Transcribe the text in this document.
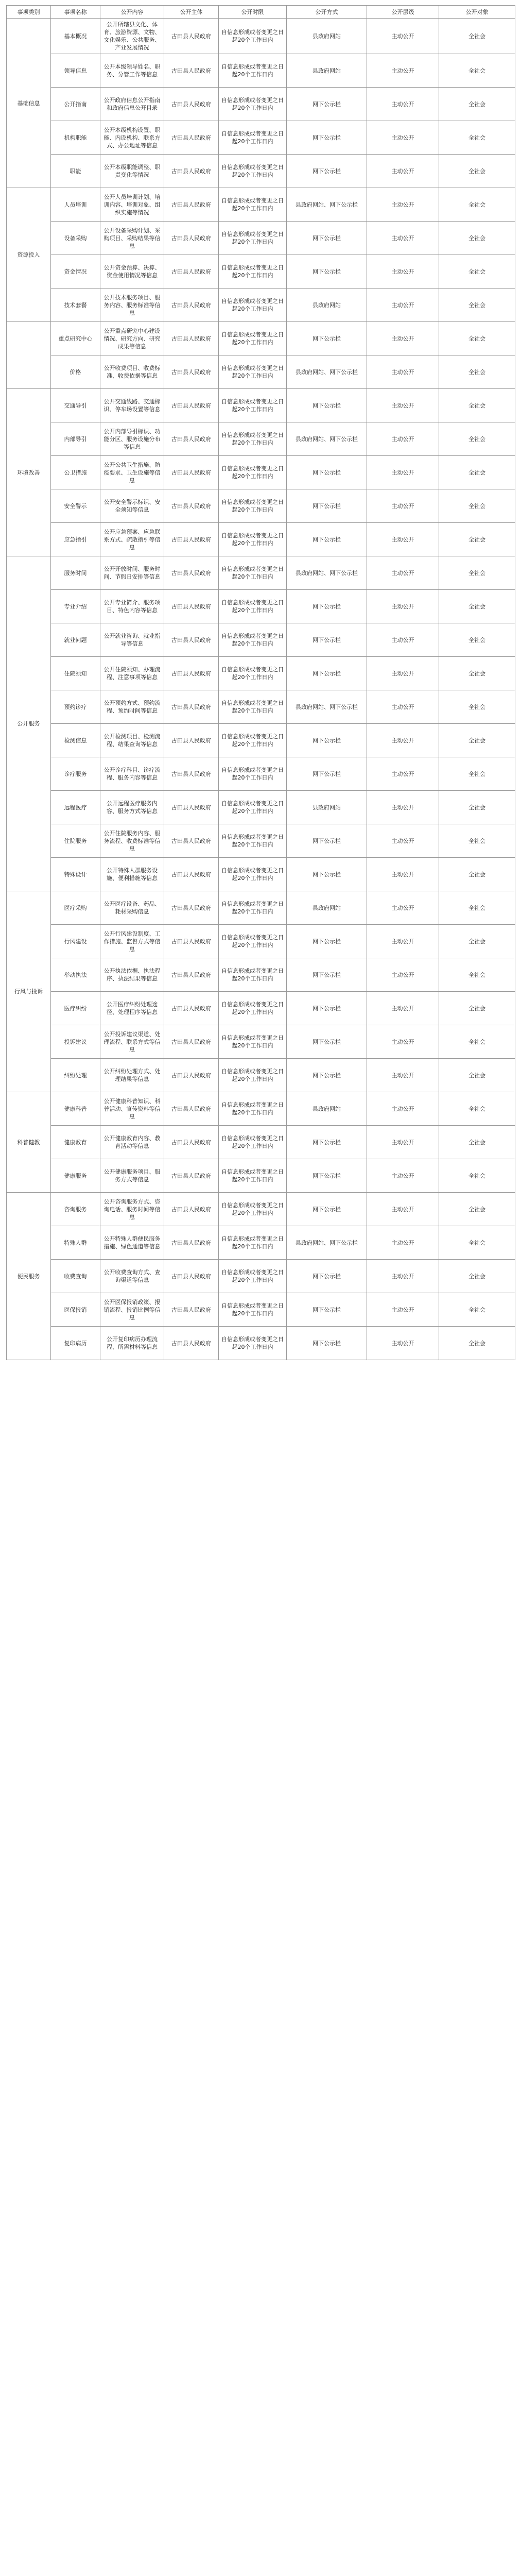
事项类别	事项名称	公开内容	公开主体	公开时限	公开方式	公开层级	公开对象
基础信息	基本概况	公开所辖县文化、体育、旅游资源、文物、文化娱乐、公共服务、产业发展情况	古田县人民政府	自信息形成或者变更之日起20个工作日内	县政府网站	主动公开	全社会
	领导信息	公开本级领导姓名、职务、分管工作等信息	古田县人民政府	自信息形成或者变更之日起20个工作日内	县政府网站	主动公开	全社会
	公开指南	公开政府信息公开指南和政府信息公开目录	古田县人民政府	自信息形成或者变更之日起20个工作日内	网下公示栏	主动公开	全社会
	机构职能	公开本级机构设置、职能、内设机构、联系方式、办公地址等信息	古田县人民政府	自信息形成或者变更之日起20个工作日内	网下公示栏	主动公开	全社会
	职能	公开本级职能调整、职责变化等情况	古田县人民政府	自信息形成或者变更之日起20个工作日内	网下公示栏	主动公开	全社会
资源投入	人员培训	公开人员培训计划、培训内容、培训对象、组织实施等情况	古田县人民政府	自信息形成或者变更之日起20个工作日内	县政府网站、网下公示栏	主动公开	全社会
	设备采购	公开设备采购计划、采购项目、采购结果等信息	古田县人民政府	自信息形成或者变更之日起20个工作日内	网下公示栏	主动公开	全社会
	资金情况	公开资金预算、决算、资金使用情况等信息	古田县人民政府	自信息形成或者变更之日起20个工作日内	网下公示栏	主动公开	全社会
	技术套餐	公开技术服务项目、服务内容、服务标准等信息	古田县人民政府	自信息形成或者变更之日起20个工作日内	县政府网站	主动公开	全社会
	重点研究中心	公开重点研究中心建设情况、研究方向、研究成果等信息	古田县人民政府	自信息形成或者变更之日起20个工作日内	网下公示栏	主动公开	全社会
	价格	公开收费项目、收费标准、收费依据等信息	古田县人民政府	自信息形成或者变更之日起20个工作日内	县政府网站、网下公示栏	主动公开	全社会
环境改善	交通导引	公开交通线路、交通标识、停车场设置等信息	古田县人民政府	自信息形成或者变更之日起20个工作日内	网下公示栏	主动公开	全社会
	内部导引	公开内部导引标识、功能分区、服务设施分布等信息	古田县人民政府	自信息形成或者变更之日起20个工作日内	县政府网站、网下公示栏	主动公开	全社会
	公卫措施	公开公共卫生措施、防疫要求、卫生设施等信息	古田县人民政府	自信息形成或者变更之日起20个工作日内	网下公示栏	主动公开	全社会
	安全警示	公开安全警示标识、安全须知等信息	古田县人民政府	自信息形成或者变更之日起20个工作日内	网下公示栏	主动公开	全社会
	应急指引	公开应急预案、应急联系方式、疏散指引等信息	古田县人民政府	自信息形成或者变更之日起20个工作日内	网下公示栏	主动公开	全社会
公开服务	服务时间	公开开放时间、服务时间、节假日安排等信息	古田县人民政府	自信息形成或者变更之日起20个工作日内	县政府网站、网下公示栏	主动公开	全社会
	专业介绍	公开专业简介、服务项目、特色内容等信息	古田县人民政府	自信息形成或者变更之日起20个工作日内	网下公示栏	主动公开	全社会
	就业问题	公开就业咨询、就业指导等信息	古田县人民政府	自信息形成或者变更之日起20个工作日内	网下公示栏	主动公开	全社会
	住院须知	公开住院须知、办理流程、注意事项等信息	古田县人民政府	自信息形成或者变更之日起20个工作日内	网下公示栏	主动公开	全社会
	预约诊疗	公开预约方式、预约流程、预约时间等信息	古田县人民政府	自信息形成或者变更之日起20个工作日内	县政府网站、网下公示栏	主动公开	全社会
	检测信息	公开检测项目、检测流程、结果查询等信息	古田县人民政府	自信息形成或者变更之日起20个工作日内	网下公示栏	主动公开	全社会
	诊疗服务	公开诊疗科目、诊疗流程、服务内容等信息	古田县人民政府	自信息形成或者变更之日起20个工作日内	网下公示栏	主动公开	全社会
	远程医疗	公开远程医疗服务内容、服务方式等信息	古田县人民政府	自信息形成或者变更之日起20个工作日内	县政府网站	主动公开	全社会
	住院服务	公开住院服务内容、服务流程、收费标准等信息	古田县人民政府	自信息形成或者变更之日起20个工作日内	网下公示栏	主动公开	全社会
	特殊设计	公开特殊人群服务设施、便利措施等信息	古田县人民政府	自信息形成或者变更之日起20个工作日内	网下公示栏	主动公开	全社会
行风与投诉	医疗采购	公开医疗设备、药品、耗材采购信息	古田县人民政府	自信息形成或者变更之日起20个工作日内	县政府网站	主动公开	全社会
	行风建设	公开行风建设制度、工作措施、监督方式等信息	古田县人民政府	自信息形成或者变更之日起20个工作日内	网下公示栏	主动公开	全社会
	举动执法	公开执法依据、执法程序、执法结果等信息	古田县人民政府	自信息形成或者变更之日起20个工作日内	网下公示栏	主动公开	全社会
	医疗纠纷	公开医疗纠纷处理途径、处理程序等信息	古田县人民政府	自信息形成或者变更之日起20个工作日内	网下公示栏	主动公开	全社会
	投诉建议	公开投诉建议渠道、处理流程、联系方式等信息	古田县人民政府	自信息形成或者变更之日起20个工作日内	网下公示栏	主动公开	全社会
	纠纷处理	公开纠纷处理方式、处理结果等信息	古田县人民政府	自信息形成或者变更之日起20个工作日内	网下公示栏	主动公开	全社会
科普健教	健康科普	公开健康科普知识、科普活动、宣传资料等信息	古田县人民政府	自信息形成或者变更之日起20个工作日内	县政府网站	主动公开	全社会
	健康教育	公开健康教育内容、教育活动等信息	古田县人民政府	自信息形成或者变更之日起20个工作日内	网下公示栏	主动公开	全社会
	健康服务	公开健康服务项目、服务方式等信息	古田县人民政府	自信息形成或者变更之日起20个工作日内	网下公示栏	主动公开	全社会
便民服务	咨询服务	公开咨询服务方式、咨询电话、服务时间等信息	古田县人民政府	自信息形成或者变更之日起20个工作日内	网下公示栏	主动公开	全社会
	特殊人群	公开特殊人群便民服务措施、绿色通道等信息	古田县人民政府	自信息形成或者变更之日起20个工作日内	县政府网站、网下公示栏	主动公开	全社会
	收费查询	公开收费查询方式、查询渠道等信息	古田县人民政府	自信息形成或者变更之日起20个工作日内	网下公示栏	主动公开	全社会
	医保报销	公开医保报销政策、报销流程、报销比例等信息	古田县人民政府	自信息形成或者变更之日起20个工作日内	网下公示栏	主动公开	全社会
	复印病历	公开复印病历办理流程、所需材料等信息	古田县人民政府	自信息形成或者变更之日起20个工作日内	网下公示栏	主动公开	全社会
